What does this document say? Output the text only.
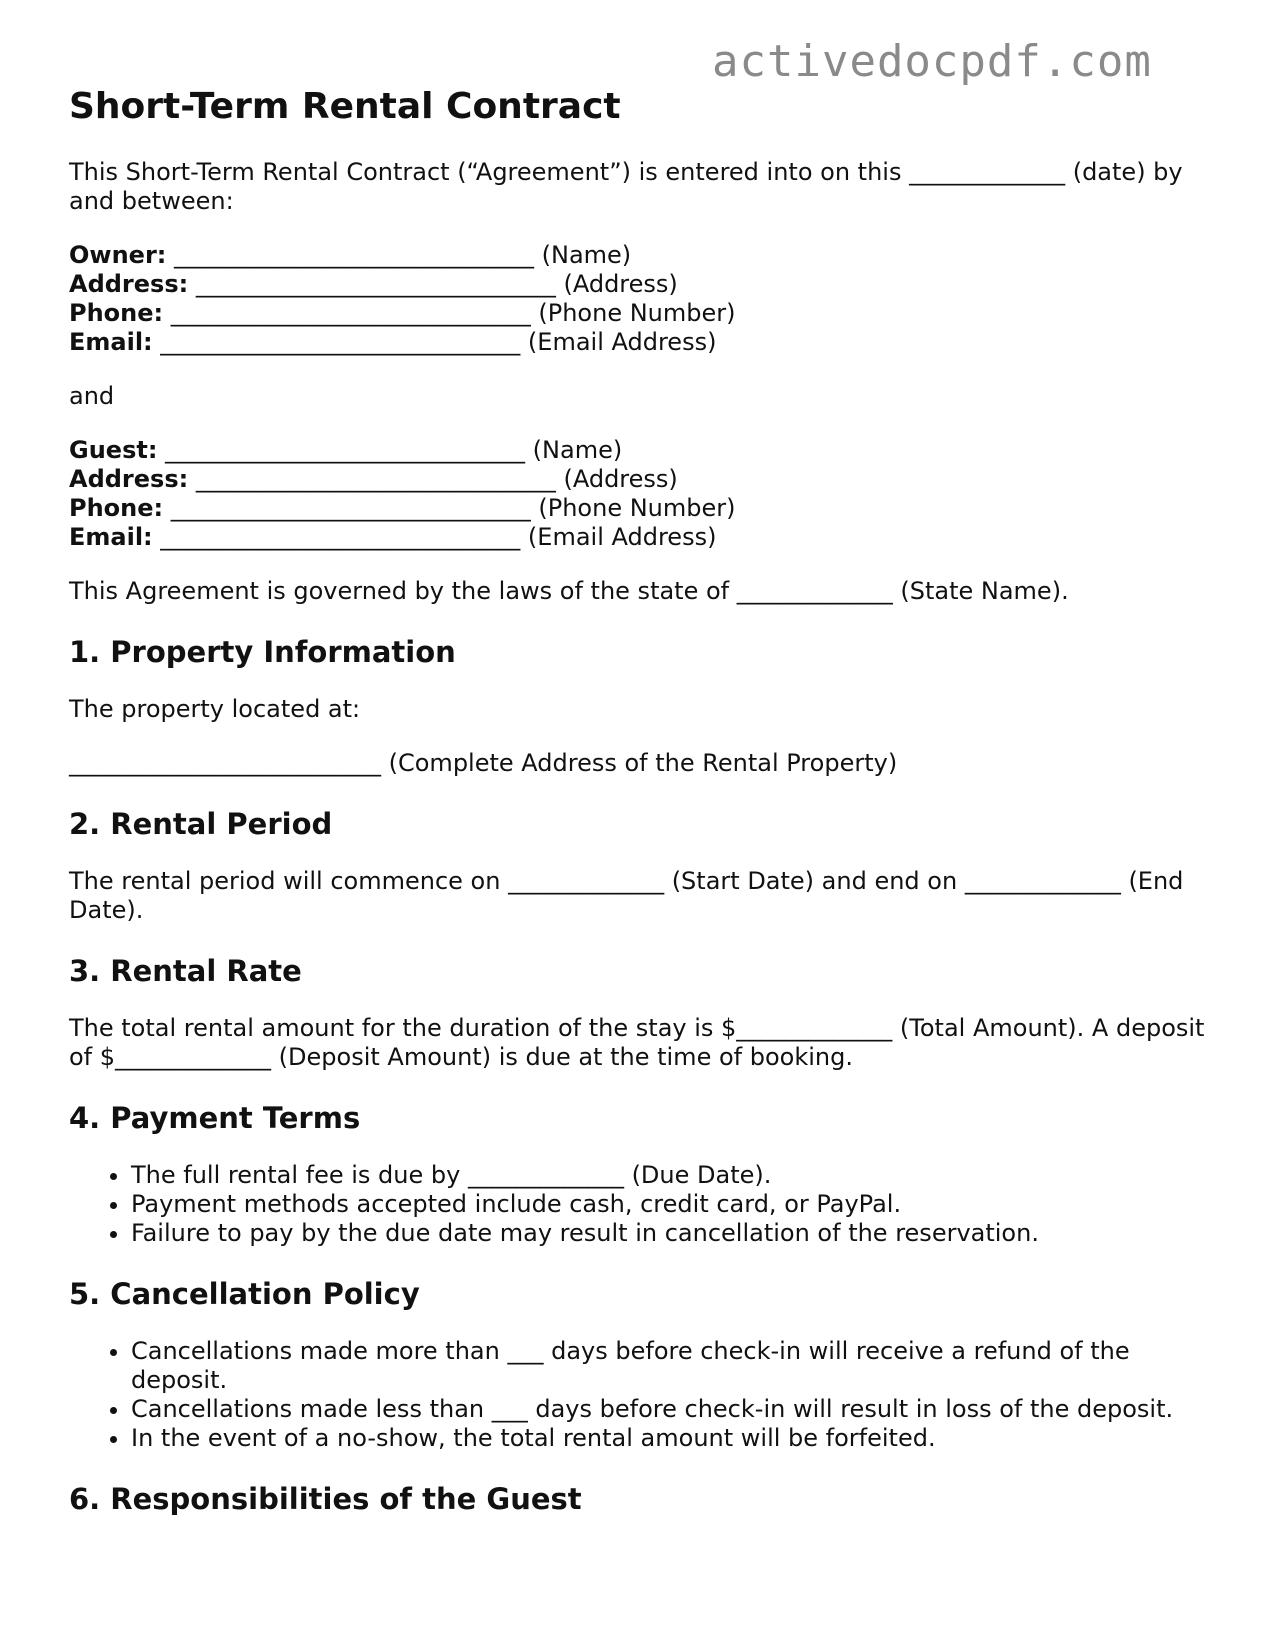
activedocpdf.com
Short-Term Rental Contract

This Short-Term Rental Contract (“Agreement”) is entered into on this _____________ (date) by and between:

Owner: ______________________________ (Name)
Address: ______________________________ (Address)
Phone: ______________________________ (Phone Number)
Email: ______________________________ (Email Address)

and

Guest: ______________________________ (Name)
Address: ______________________________ (Address)
Phone: ______________________________ (Phone Number)
Email: ______________________________ (Email Address)

This Agreement is governed by the laws of the state of _____________ (State Name).

1. Property Information

The property located at:

__________________________ (Complete Address of the Rental Property)

2. Rental Period

The rental period will commence on _____________ (Start Date) and end on _____________ (End Date).

3. Rental Rate

The total rental amount for the duration of the stay is $_____________ (Total Amount). A deposit of $_____________ (Deposit Amount) is due at the time of booking.

4. Payment Terms
• The full rental fee is due by _____________ (Due Date).
• Payment methods accepted include cash, credit card, or PayPal.
• Failure to pay by the due date may result in cancellation of the reservation.
5. Cancellation Policy
• Cancellations made more than ___ days before check-in will receive a refund of the deposit.
• Cancellations made less than ___ days before check-in will result in loss of the deposit.
• In the event of a no-show, the total rental amount will be forfeited.
6. Responsibilities of the Guest
